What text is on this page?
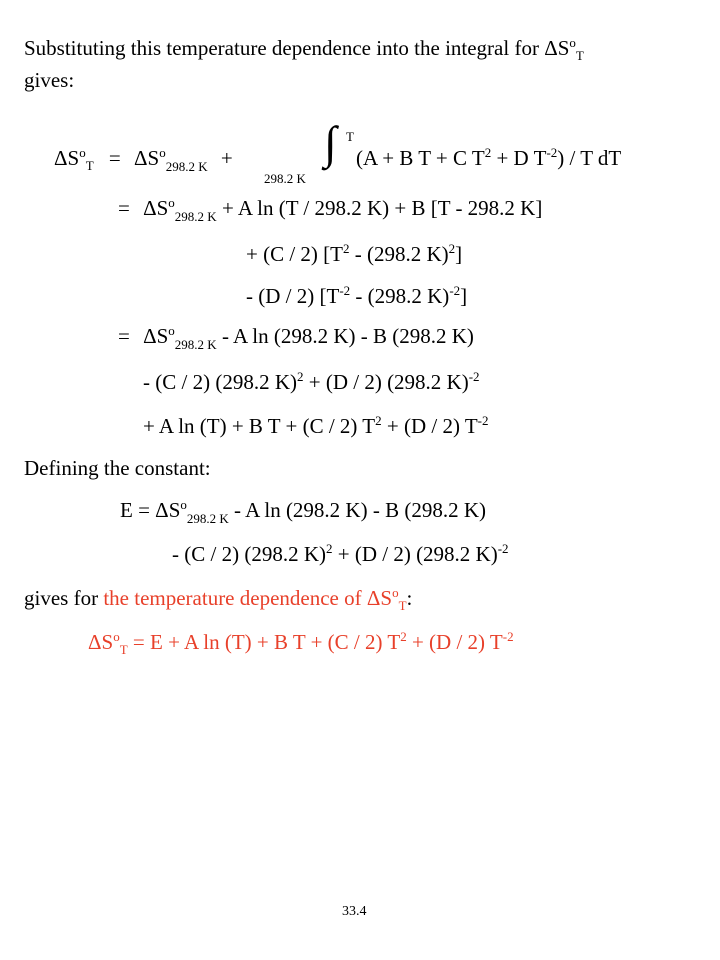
Substituting this temperature dependence into the integral for $\Delta S^o_T$
gives:
$\Delta S^o_T = \Delta S^o_{298.2 K}$ + ∫ T
298.2 K
(A + B T + C $T^2 + D$ $T^{-2}$) / T dT
= $\Delta S^o_{298.2 K} + A$ ln (T / 298.2 K) + B [T - 298.2 K]
+ (C / 2) [$T^2 - (298.2$ K)$^2$]
- (D / 2) [$T^{-2} - (298.2$ K)$^{-2}$]
= $\Delta S^o_{298.2 K}$ - A ln (298.2 K) - B (298.2 K)
- (C / 2) (298.2 K)$^2$ + (D / 2) (298.2 K)$^{-2}$
+ A ln (T) + B T + (C / 2) $T^2 + (D / 2)$ $T^{-2}$
Defining the constant:
$E = \Delta S^o_{298.2 K} - A$ ln (298.2 K) - B (298.2 K)
- (C / 2) (298.2 K)$^2$ + (D / 2) (298.2 K)$^{-2}$
gives for the temperature dependence of $\Delta S^o_T$:
$\Delta S^o_T = E + A$ ln (T) + B T + (C / 2) $T^2 + (D / 2)$ $T^{-2}$
33.4
